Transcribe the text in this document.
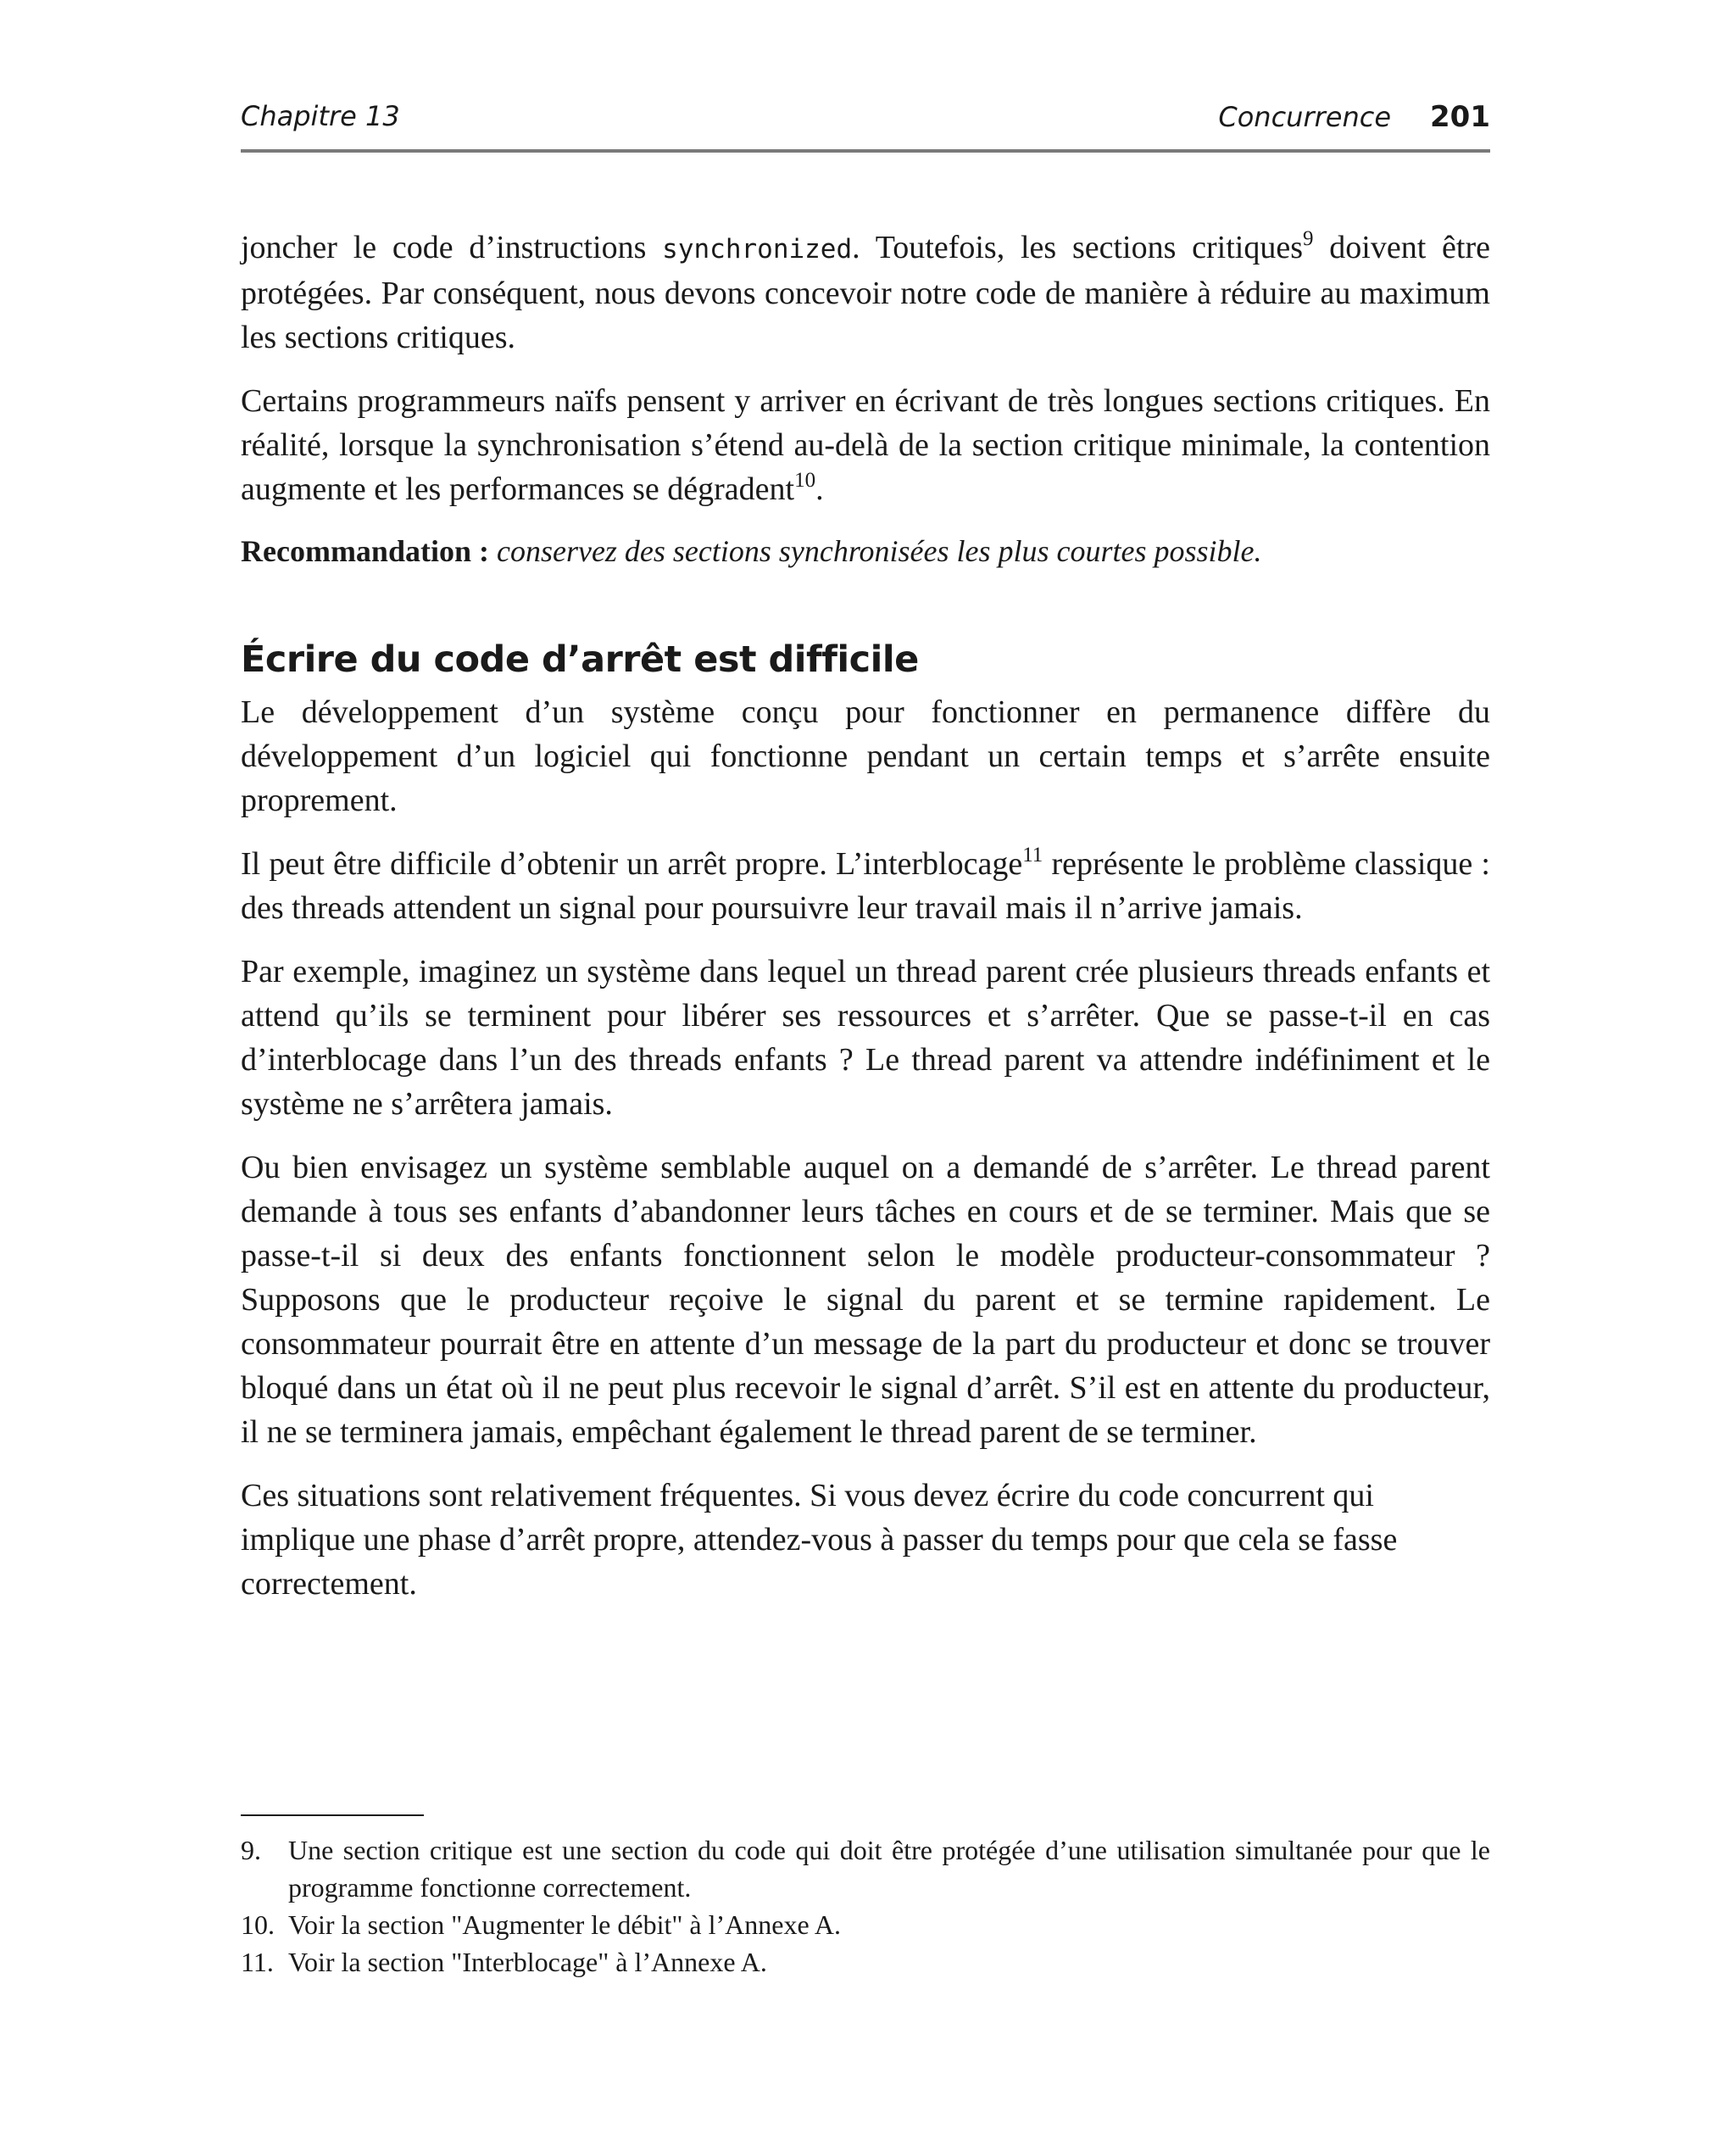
Chapitre 13	Concurrence 201

joncher le code d’instructions synchronized. Toutefois, les sections critiques$^9$ doivent être protégées. Par conséquent, nous devons concevoir notre code de manière à réduire au maximum les sections critiques.

Certains programmeurs naïfs pensent y arriver en écrivant de très longues sections critiques. En réalité, lorsque la synchronisation s’étend au-delà de la section critique minimale, la contention augmente et les performances se dégradent$^{10}$.

Recommandation : conservez des sections synchronisées les plus courtes possible.

Écrire du code d’arrêt est difficile

Le développement d’un système conçu pour fonctionner en permanence diffère du développement d’un logiciel qui fonctionne pendant un certain temps et s’arrête ensuite proprement.

Il peut être difficile d’obtenir un arrêt propre. L’interblocage$^{11}$ représente le problème classique : des threads attendent un signal pour poursuivre leur travail mais il n’arrive jamais.

Par exemple, imaginez un système dans lequel un thread parent crée plusieurs threads enfants et attend qu’ils se terminent pour libérer ses ressources et s’arrêter. Que se passe-t-il en cas d’interblocage dans l’un des threads enfants ? Le thread parent va attendre indéfiniment et le système ne s’arrêtera jamais.

Ou bien envisagez un système semblable auquel on a demandé de s’arrêter. Le thread parent demande à tous ses enfants d’abandonner leurs tâches en cours et de se terminer. Mais que se passe-t-il si deux des enfants fonctionnent selon le modèle producteur-consommateur ? Supposons que le producteur reçoive le signal du parent et se termine rapidement. Le consommateur pourrait être en attente d’un message de la part du producteur et donc se trouver bloqué dans un état où il ne peut plus recevoir le signal d’arrêt. S’il est en attente du producteur, il ne se terminera jamais, empêchant également le thread parent de se terminer.

Ces situations sont relativement fréquentes. Si vous devez écrire du code concurrent qui implique une phase d’arrêt propre, attendez-vous à passer du temps pour que cela se fasse correctement.

9.	Une section critique est une section du code qui doit être protégée d’une utilisation simultanée pour que le programme fonctionne correctement.
10. Voir la section "Augmenter le débit" à l’Annexe A.
11. Voir la section "Interblocage" à l’Annexe A.
